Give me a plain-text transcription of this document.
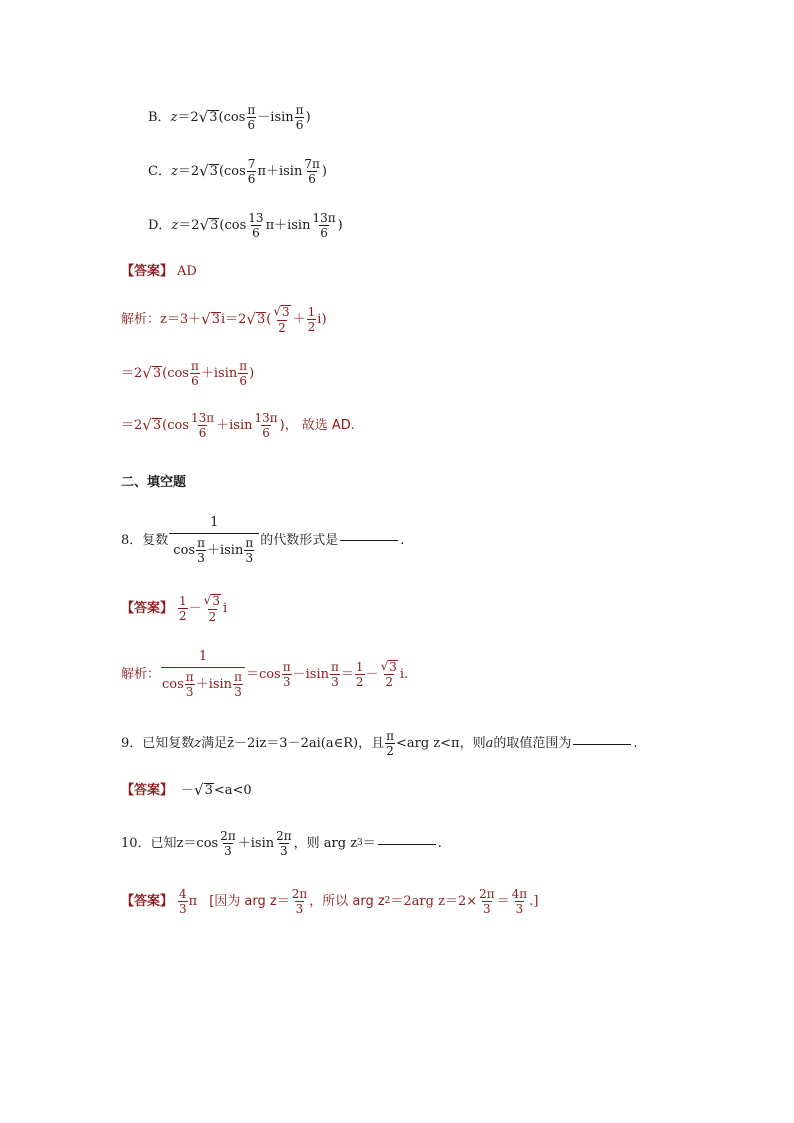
B． z ＝2 √ 3 ($\cos \frac{\pi}{6} -isin \frac{\pi}{6}$ )
C． z ＝2 √ 3 ($\cos \frac{7}{6} \pi+isin \frac{7\pi}{6}$ )
D． z ＝2 √ 3 ($\cos \frac{13}{6} \pi+isin \frac{13\pi}{6}$ )
【答案】 AD
解析： z＝3＋ √ 3 i＝2 √ 3 ( $\frac{√ 3}{2} + \frac{1}{2} i$)
＝2 √ 3 ($\cos \frac{\pi}{6} +isin \frac{\pi}{6}$ )
＝2 √ 3 ($\cos \frac{13\pi}{6} +isin \frac{13\pi}{6}$ )， 故选 AD.
二、填空题
8． 复数 $\frac{1}{\cos \frac{\pi}{3} +isin \frac{\pi}{3}}$ 的代数形式是	.
【答案】 $\frac{1}{2} - \frac{√ 3}{2}$ i
解析： $\frac{1}{\cos \frac{\pi}{3} +isin \frac{\pi}{3}} =\cos \frac{\pi}{3} -isin \frac{\pi}{3} = \frac{1}{2} - \frac{√ 3}{2} i$.
9． 已知复数 z 满足 z̄－2iz＝3－2ai(a∈R) ，且 $\frac{\pi}{2} <arg$ z<π ，则 a 的取值范围为	.
【答案】 － √ 3 <a<0
10． 已知 $z=\cos \frac{2\pi}{3} +isin \frac{2\pi}{3}$ ，则 arg z 3 ＝	.
【答案】 $\frac{4}{3}$ π [因为 arg $z= \frac{2\pi}{3}$ ，所以 arg z 2 ＝2arg $z=2\times \frac{2\pi}{3} = \frac{4\pi}{3}$ .]
